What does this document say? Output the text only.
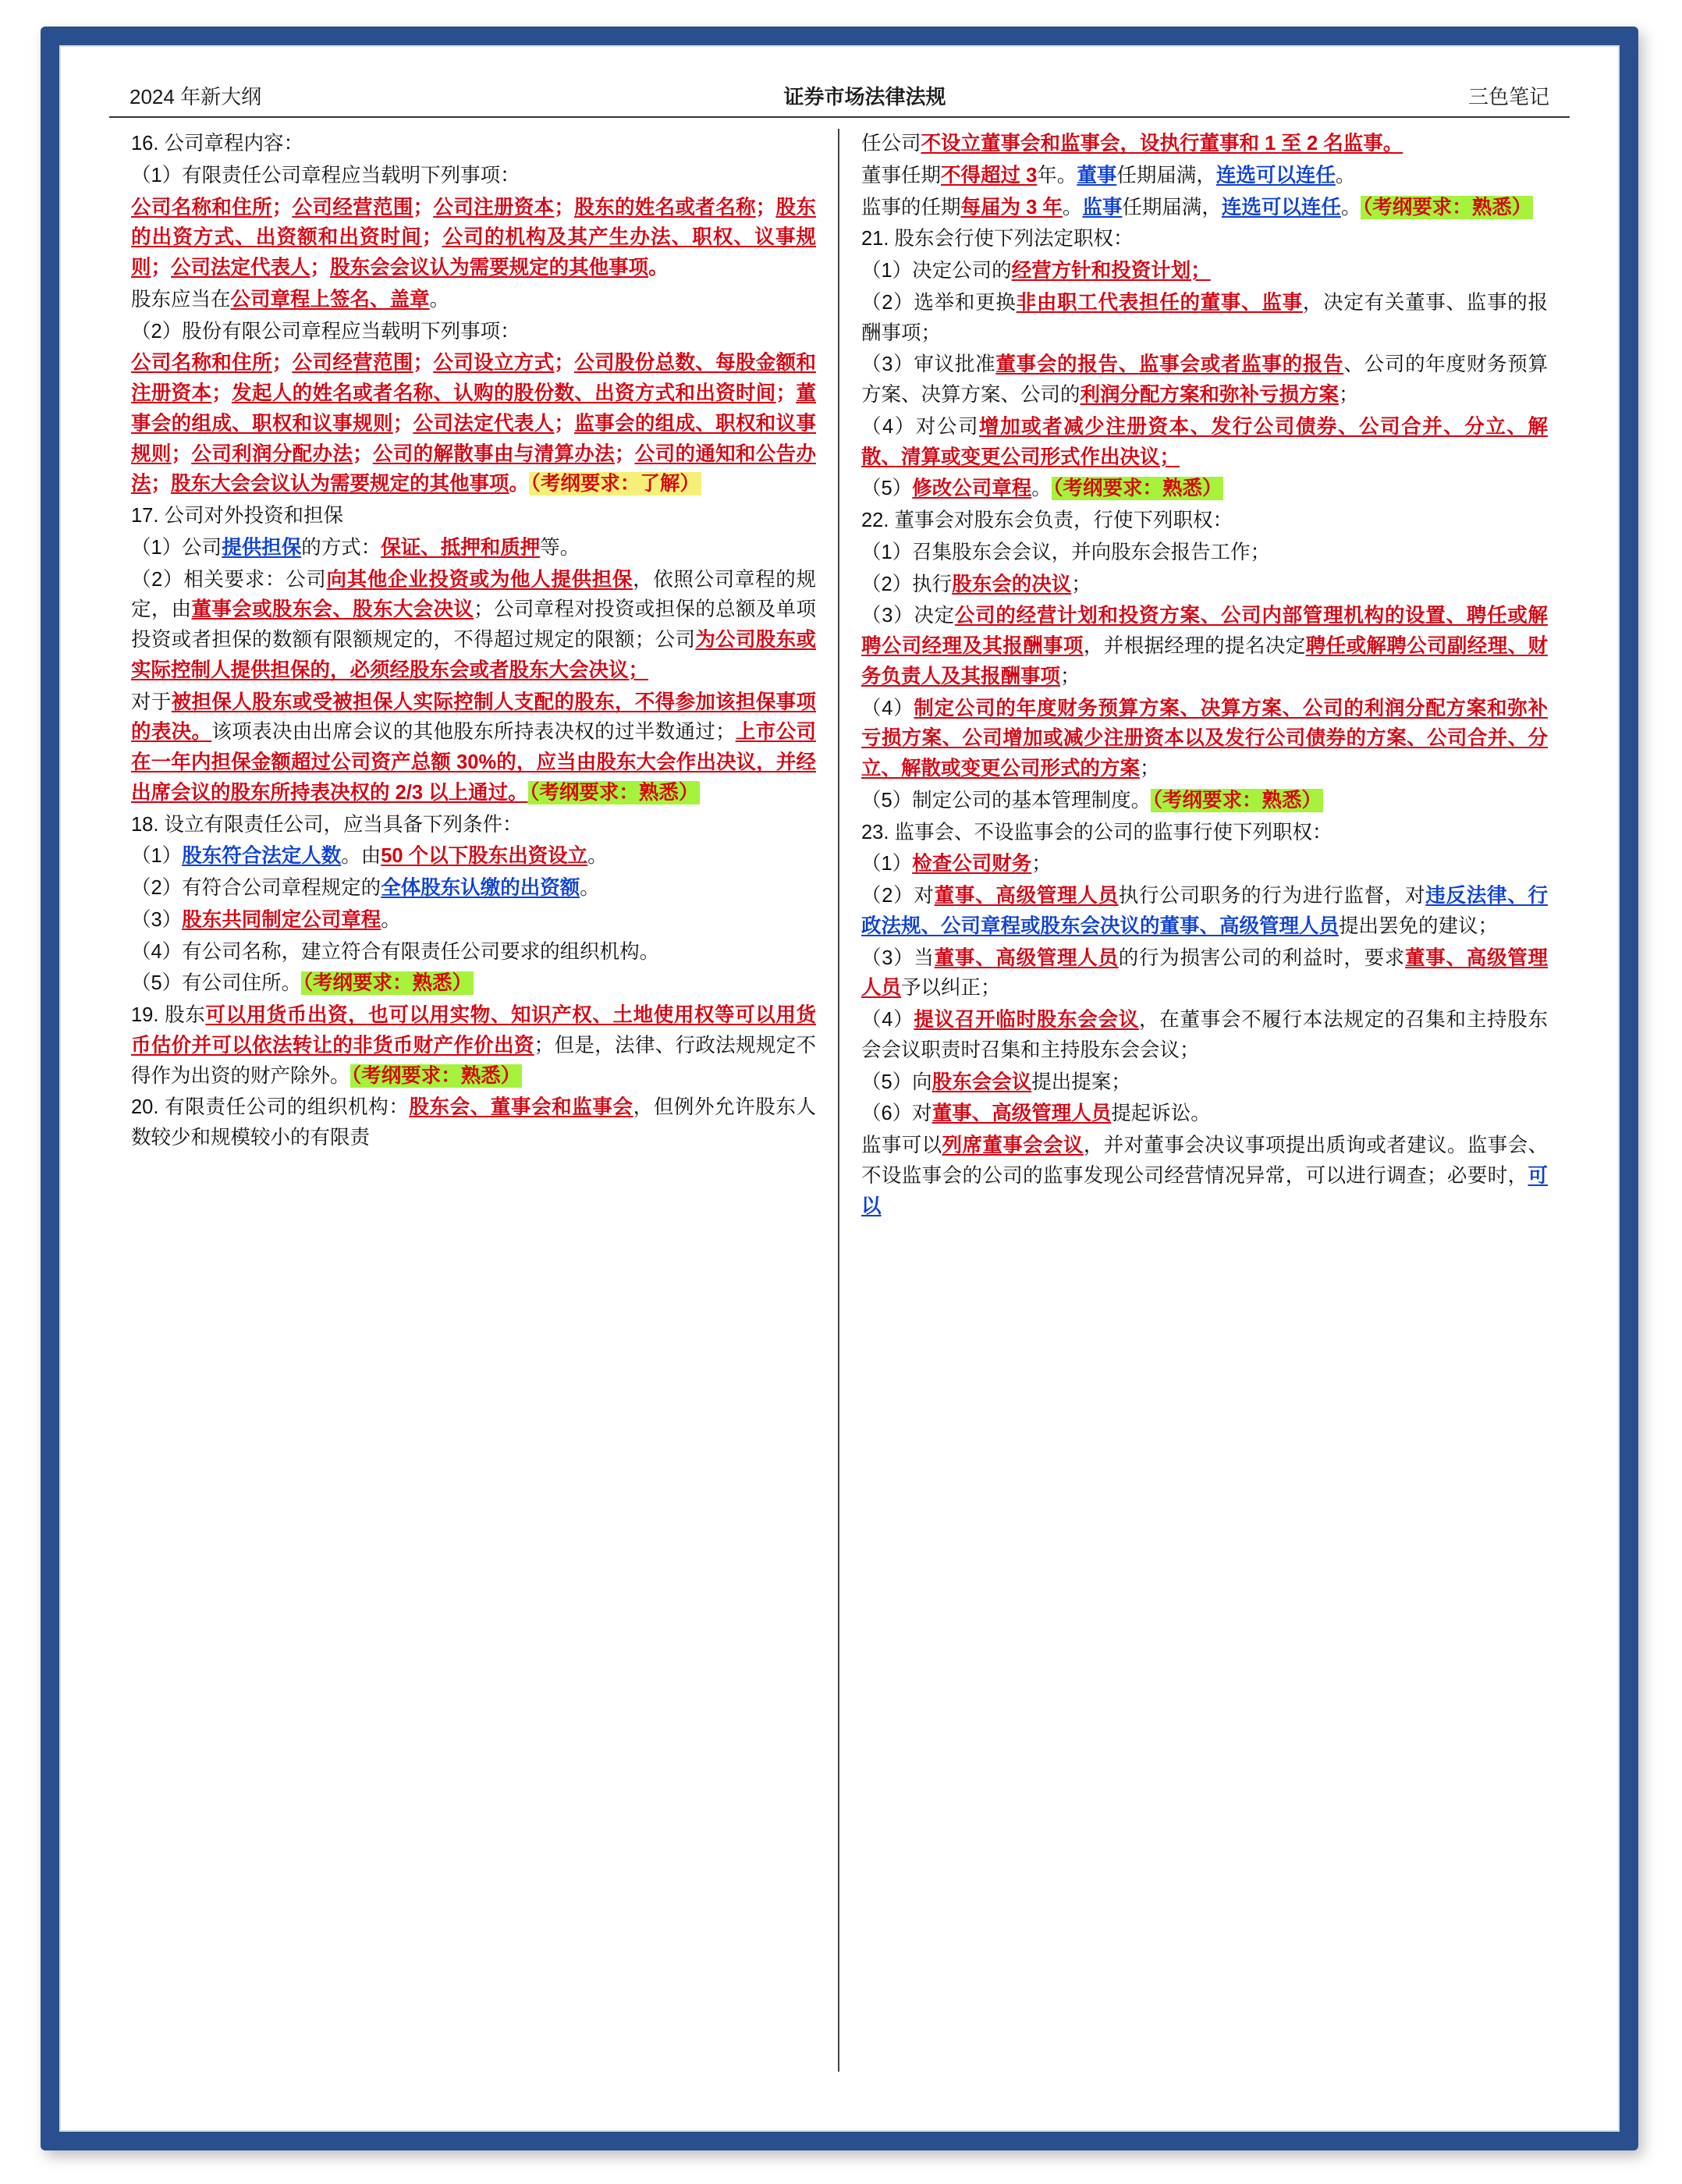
2024 年新大纲	证券市场法律法规	三色笔记

16. 公司章程内容：

（1）有限责任公司章程应当载明下列事项：

公司名称和住所；公司经营范围；公司注册资本；股东的姓名或者名称；股东的出资方式、出资额和出资时间；公司的机构及其产生办法、职权、议事规则；公司法定代表人；股东会会议认为需要规定的其他事项。

股东应当在公司章程上签名、盖章。

（2）股份有限公司章程应当载明下列事项：

公司名称和住所；公司经营范围；公司设立方式；公司股份总数、每股金额和注册资本；发起人的姓名或者名称、认购的股份数、出资方式和出资时间；董事会的组成、职权和议事规则；公司法定代表人；监事会的组成、职权和议事规则；公司利润分配办法；公司的解散事由与清算办法；公司的通知和公告办法；股东大会会议认为需要规定的其他事项。（考纲要求：了解）

17. 公司对外投资和担保

（1）公司提供担保的方式：保证、抵押和质押等。

（2）相关要求：公司向其他企业投资或为他人提供担保，依照公司章程的规定，由董事会或股东会、股东大会决议；公司章程对投资或担保的总额及单项投资或者担保的数额有限额规定的，不得超过规定的限额；公司为公司股东或实际控制人提供担保的，必须经股东会或者股东大会决议；

对于被担保人股东或受被担保人实际控制人支配的股东，不得参加该担保事项的表决。该项表决由出席会议的其他股东所持表决权的过半数通过；上市公司在一年内担保金额超过公司资产总额 30%的，应当由股东大会作出决议，并经出席会议的股东所持表决权的 2/3 以上通过。（考纲要求：熟悉）

18. 设立有限责任公司，应当具备下列条件：

（1）股东符合法定人数。由50 个以下股东出资设立。

（2）有符合公司章程规定的全体股东认缴的出资额。

（3）股东共同制定公司章程。

（4）有公司名称，建立符合有限责任公司要求的组织机构。

（5）有公司住所。（考纲要求：熟悉）

19. 股东可以用货币出资，也可以用实物、知识产权、土地使用权等可以用货币估价并可以依法转让的非货币财产作价出资；但是，法律、行政法规规定不得作为出资的财产除外。（考纲要求：熟悉）

20. 有限责任公司的组织机构：股东会、董事会和监事会，但例外允许股东人数较少和规模较小的有限责

任公司不设立董事会和监事会，设执行董事和 1 至 2 名监事。

董事任期不得超过 3年。董事任期届满，连选可以连任。

监事的任期每届为 3 年。监事任期届满，连选可以连任。（考纲要求：熟悉）

21. 股东会行使下列法定职权：

（1）决定公司的经营方针和投资计划；

（2）选举和更换非由职工代表担任的董事、监事，决定有关董事、监事的报酬事项；

（3）审议批准董事会的报告、监事会或者监事的报告、公司的年度财务预算方案、决算方案、公司的利润分配方案和弥补亏损方案；

（4）对公司增加或者减少注册资本、发行公司债券、公司合并、分立、解散、清算或变更公司形式作出决议；

（5）修改公司章程。（考纲要求：熟悉）

22. 董事会对股东会负责，行使下列职权：

（1）召集股东会会议，并向股东会报告工作；

（2）执行股东会的决议；

（3）决定公司的经营计划和投资方案、公司内部管理机构的设置、聘任或解聘公司经理及其报酬事项，并根据经理的提名决定聘任或解聘公司副经理、财务负责人及其报酬事项；

（4）制定公司的年度财务预算方案、决算方案、公司的利润分配方案和弥补亏损方案、公司增加或减少注册资本以及发行公司债券的方案、公司合并、分立、解散或变更公司形式的方案；

（5）制定公司的基本管理制度。（考纲要求：熟悉）

23. 监事会、不设监事会的公司的监事行使下列职权：

（1）检查公司财务；

（2）对董事、高级管理人员执行公司职务的行为进行监督，对违反法律、行政法规、公司章程或股东会决议的董事、高级管理人员提出罢免的建议；

（3）当董事、高级管理人员的行为损害公司的利益时，要求董事、高级管理人员予以纠正；

（4）提议召开临时股东会会议，在董事会不履行本法规定的召集和主持股东会会议职责时召集和主持股东会会议；

（5）向股东会会议提出提案；

（6）对董事、高级管理人员提起诉讼。

监事可以列席董事会会议，并对董事会决议事项提出质询或者建议。监事会、不设监事会的公司的监事发现公司经营情况异常，可以进行调查；必要时，可以
